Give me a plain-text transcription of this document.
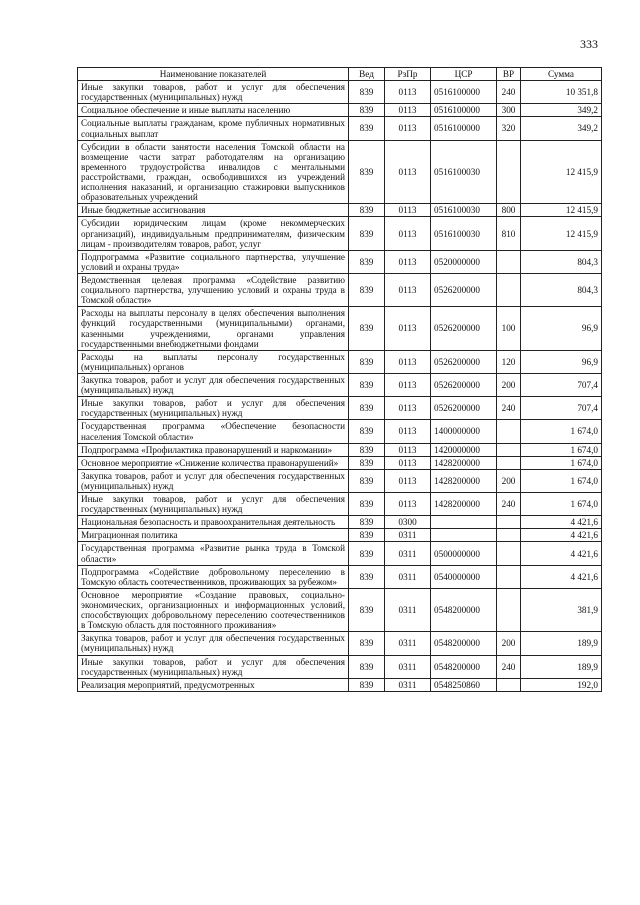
333
Наименование показателей	Вед	РзПр	ЦСР	ВР	Сумма
Иные закупки товаров, работ и услуг для обеспечения государственных (муниципальных) нужд	839	0113	0516100000	240	10 351,8
Социальное обеспечение и иные выплаты населению	839	0113	0516100000	300	349,2
Социальные выплаты гражданам, кроме публичных нормативных социальных выплат	839	0113	0516100000	320	349,2
Субсидии в области занятости населения Томской области на возмещение части затрат работодателям на организацию временного трудоустройства инвалидов с ментальными расстройствами, граждан, освободившихся из учреждений исполнения наказаний, и организацию стажировки выпускников образовательных учреждений	839	0113	0516100030		12 415,9
Иные бюджетные ассигнования	839	0113	0516100030	800	12 415,9
Субсидии юридическим лицам (кроме некоммерческих организаций), индивидуальным предпринимателям, физическим лицам - производителям товаров, работ, услуг	839	0113	0516100030	810	12 415,9
Подпрограмма «Развитие социального партнерства, улучшение условий и охраны труда»	839	0113	0520000000		804,3
Ведомственная целевая программа «Содействие развитию социального партнерства, улучшению условий и охраны труда в Томской области»	839	0113	0526200000		804,3
Расходы на выплаты персоналу в целях обеспечения выполнения функций государственными (муниципальными) органами, казенными учреждениями, органами управления государственными внебюджетными фондами	839	0113	0526200000	100	96,9
Расходы на выплаты персоналу государственных (муниципальных) органов	839	0113	0526200000	120	96,9
Закупка товаров, работ и услуг для обеспечения государственных (муниципальных) нужд	839	0113	0526200000	200	707,4
Иные закупки товаров, работ и услуг для обеспечения государственных (муниципальных) нужд	839	0113	0526200000	240	707,4
Государственная программа «Обеспечение безопасности населения Томской области»	839	0113	1400000000		1 674,0
Подпрограмма «Профилактика правонарушений и наркомании»	839	0113	1420000000		1 674,0
Основное мероприятие «Снижение количества правонарушений»	839	0113	1428200000		1 674,0
Закупка товаров, работ и услуг для обеспечения государственных (муниципальных) нужд	839	0113	1428200000	200	1 674,0
Иные закупки товаров, работ и услуг для обеспечения государственных (муниципальных) нужд	839	0113	1428200000	240	1 674,0
Национальная безопасность и правоохранительная деятельность	839	0300			4 421,6
Миграционная политика	839	0311			4 421,6
Государственная программа «Развитие рынка труда в Томской области»	839	0311	0500000000		4 421,6
Подпрограмма «Содействие добровольному переселению в Томскую область соотечественников, проживающих за рубежом»	839	0311	0540000000		4 421,6
Основное мероприятие «Создание правовых, социально-экономических, организационных и информационных условий, способствующих добровольному переселению соотечественников в Томскую область для постоянного проживания»	839	0311	0548200000		381,9
Закупка товаров, работ и услуг для обеспечения государственных (муниципальных) нужд	839	0311	0548200000	200	189,9
Иные закупки товаров, работ и услуг для обеспечения государственных (муниципальных) нужд	839	0311	0548200000	240	189,9
Реализация мероприятий, предусмотренных	839	0311	0548250860		192,0
